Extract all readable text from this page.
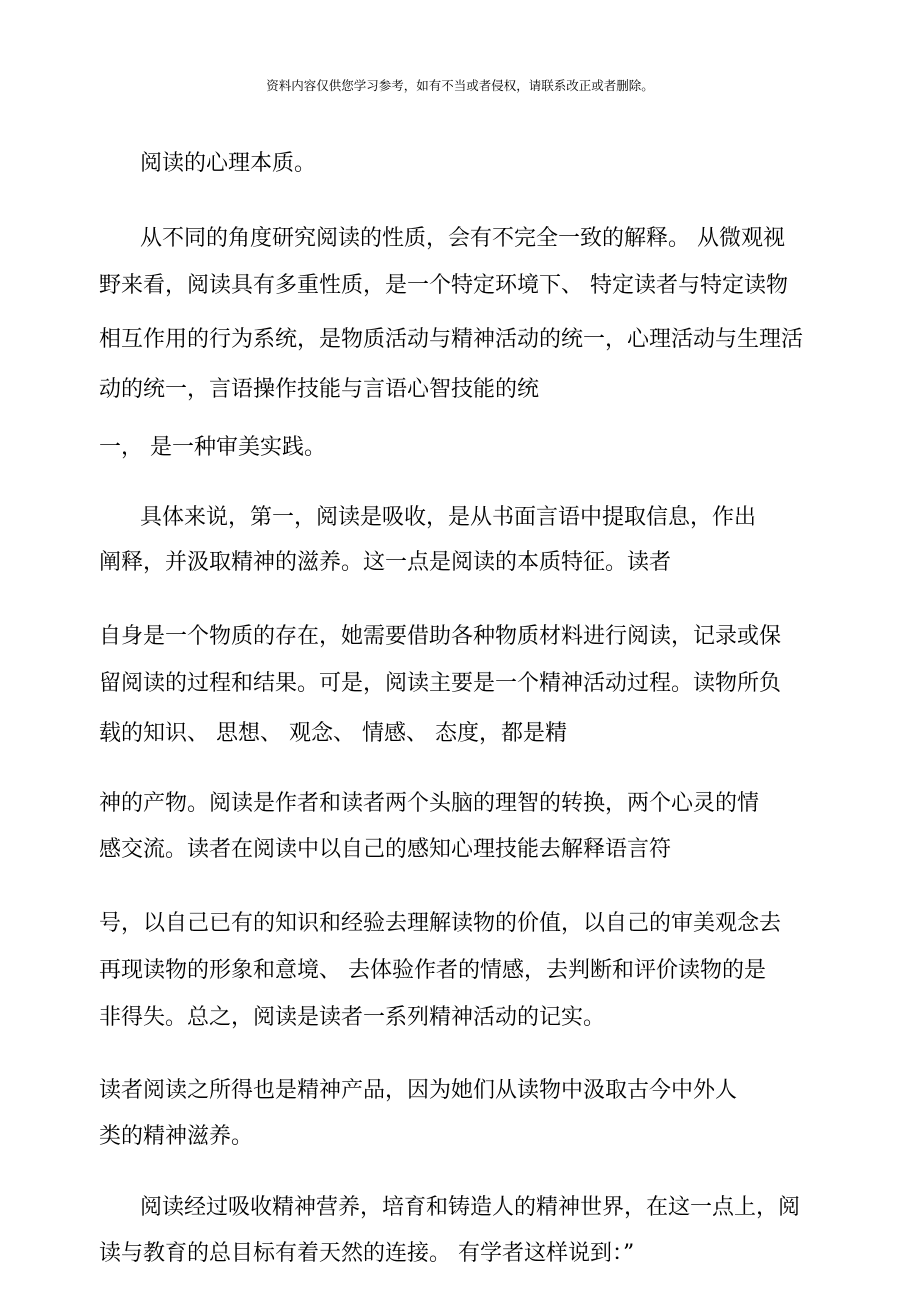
资料内容仅供您学习参考，如有不当或者侵权，请联系改正或者删除。
阅读的心理本质。
从不同的角度研究阅读的性质，会有不完全一致的解释。 从微观视
野来看，阅读具有多重性质，是一个特定环境下、 特定读者与特定读物
相互作用的行为系统，是物质活动与精神活动的统一，心理活动与生理活
动的统一，言语操作技能与言语心智技能的统
一， 是一种审美实践。
具体来说，第一，阅读是吸收，是从书面言语中提取信息，作出
阐释，并汲取精神的滋养。这一点是阅读的本质特征。读者
自身是一个物质的存在，她需要借助各种物质材料进行阅读，记录或保
留阅读的过程和结果。可是，阅读主要是一个精神活动过程。读物所负
载的知识、 思想、 观念、 情感、 态度，都是精
神的产物。阅读是作者和读者两个头脑的理智的转换，两个心灵的情
感交流。读者在阅读中以自己的感知心理技能去解释语言符
号，以自己已有的知识和经验去理解读物的价值，以自己的审美观念去
再现读物的形象和意境、 去体验作者的情感，去判断和评价读物的是
非得失。总之，阅读是读者一系列精神活动的记实。
读者阅读之所得也是精神产品，因为她们从读物中汲取古今中外人
类的精神滋养。
阅读经过吸收精神营养，培育和铸造人的精神世界，在这一点上，阅
读与教育的总目标有着天然的连接。 有学者这样说到：”
